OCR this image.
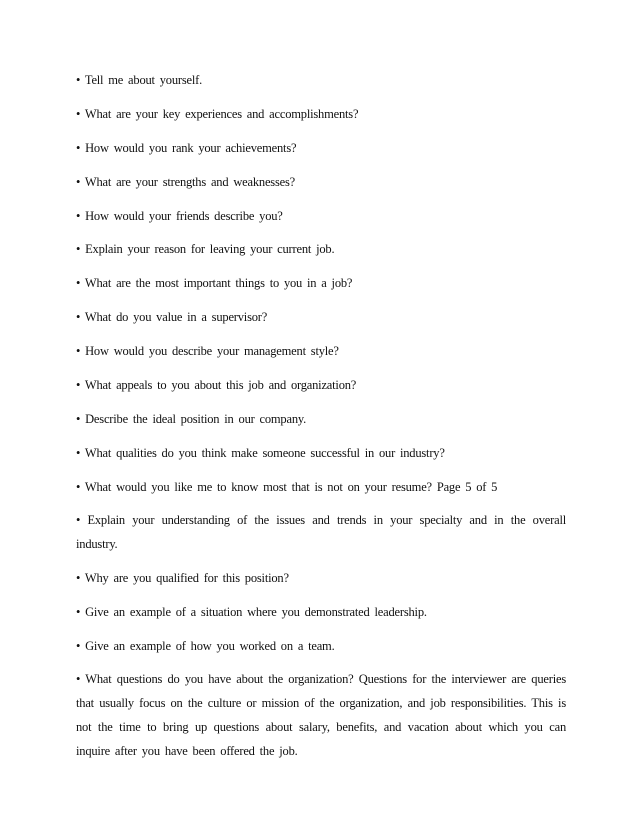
• Tell me about yourself.

• What are your key experiences and accomplishments?

• How would you rank your achievements?

• What are your strengths and weaknesses?

• How would your friends describe you?

• Explain your reason for leaving your current job.

• What are the most important things to you in a job?

• What do you value in a supervisor?

• How would you describe your management style?

• What appeals to you about this job and organization?

• Describe the ideal position in our company.

• What qualities do you think make someone successful in our industry?

• What would you like me to know most that is not on your resume? Page 5 of 5

• Explain your understanding of the issues and trends in your specialty and in the overall industry.

• Why are you qualified for this position?

• Give an example of a situation where you demonstrated leadership.

• Give an example of how you worked on a team.

• What questions do you have about the organization? Questions for the interviewer are queries that usually focus on the culture or mission of the organization, and job responsibilities. This is not the time to bring up questions about salary, benefits, and vacation about which you can inquire after you have been offered the job.
